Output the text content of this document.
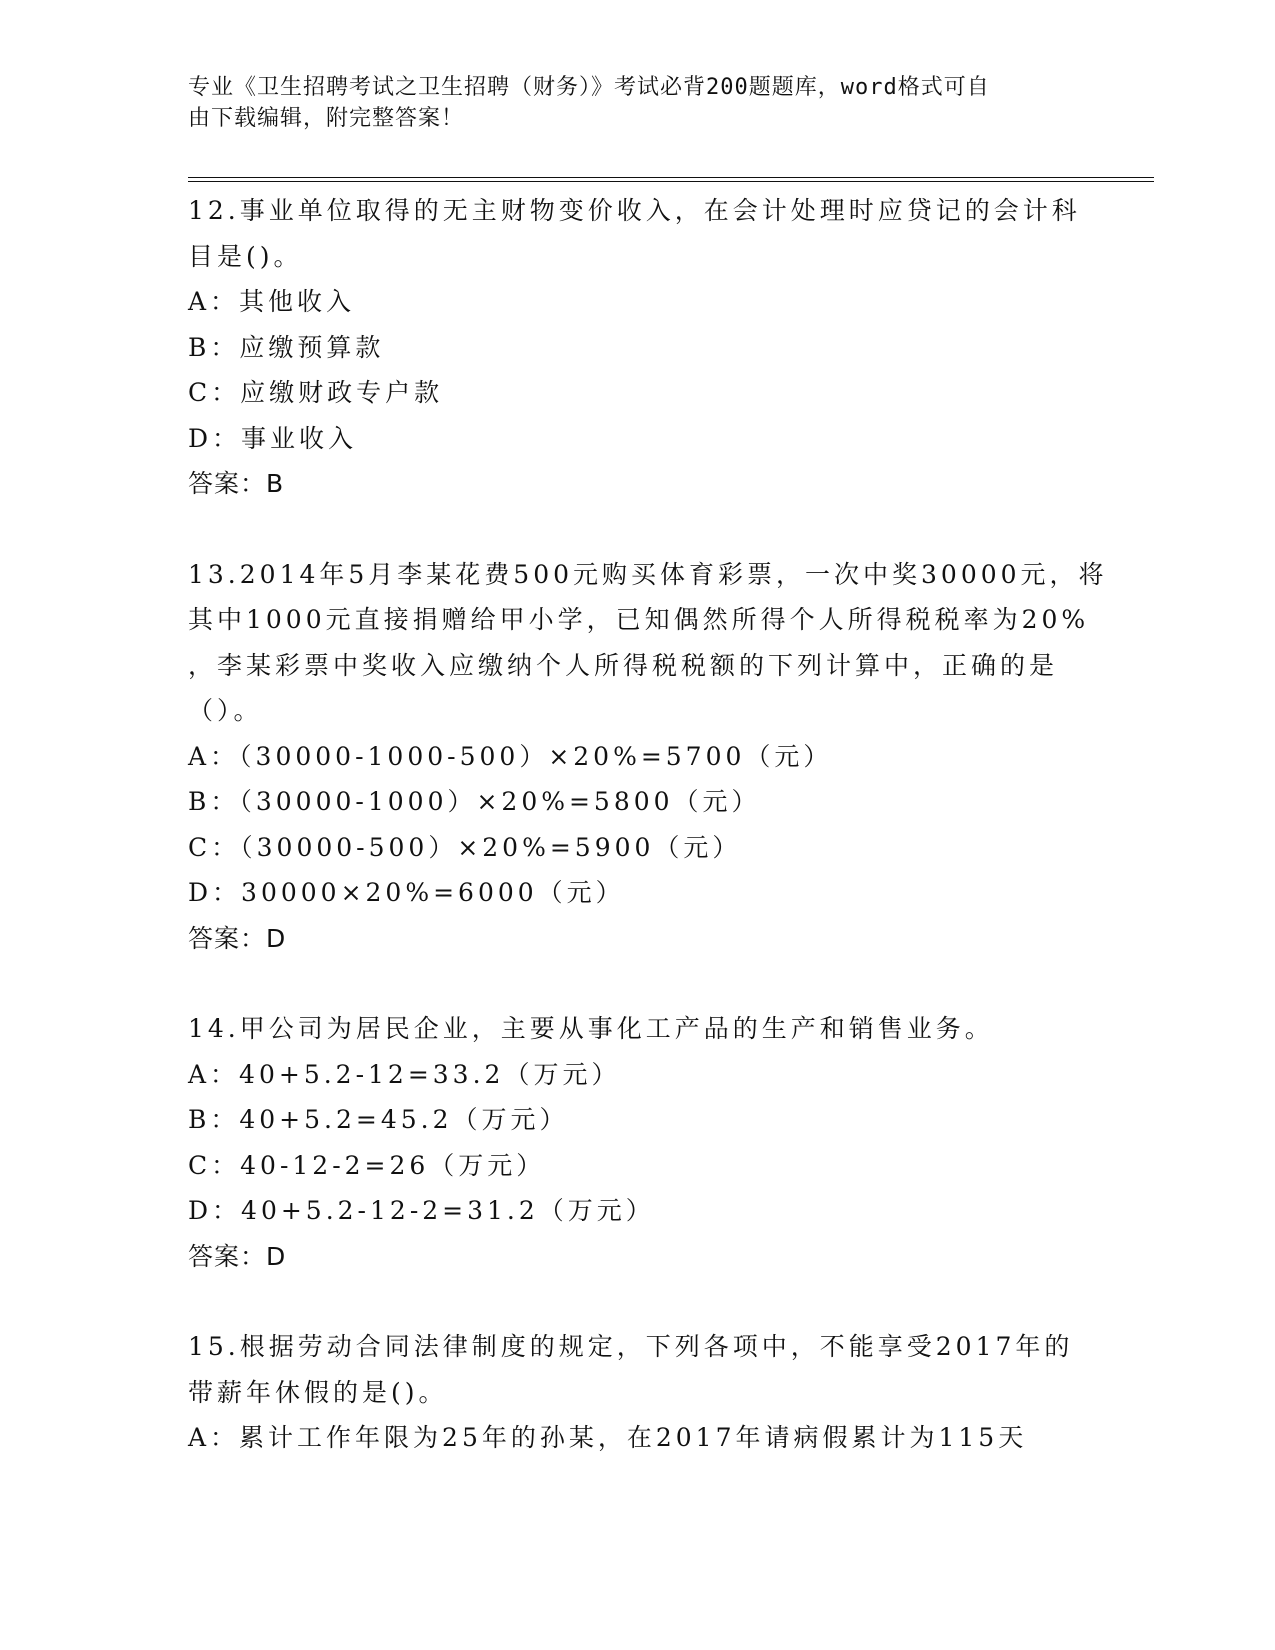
专业《卫生招聘考试之卫生招聘（财务）》考试必背200题题库，word格式可自
由下载编辑，附完整答案！
12.事业单位取得的无主财物变价收入，在会计处理时应贷记的会计科
目是()。
A：其他收入
B：应缴预算款
C：应缴财政专户款
D：事业收入
答案：B
13.2014年5月李某花费500元购买体育彩票，一次中奖30000元，将
其中1000元直接捐赠给甲小学，已知偶然所得个人所得税税率为20%
，李某彩票中奖收入应缴纳个人所得税税额的下列计算中，正确的是
（）。
A：（30000-1000-500）×20%=5700（元）
B：（30000-1000）×20%=5800（元）
C：（30000-500）×20%=5900（元）
D：30000×20%=6000（元）
答案：D
14.甲公司为居民企业，主要从事化工产品的生产和销售业务。
A：40+5.2-12=33.2（万元）
B：40+5.2=45.2（万元）
C：40-12-2=26（万元）
D：40+5.2-12-2=31.2（万元）
答案：D
15.根据劳动合同法律制度的规定，下列各项中，不能享受2017年的
带薪年休假的是()。
A：累计工作年限为25年的孙某，在2017年请病假累计为115天
